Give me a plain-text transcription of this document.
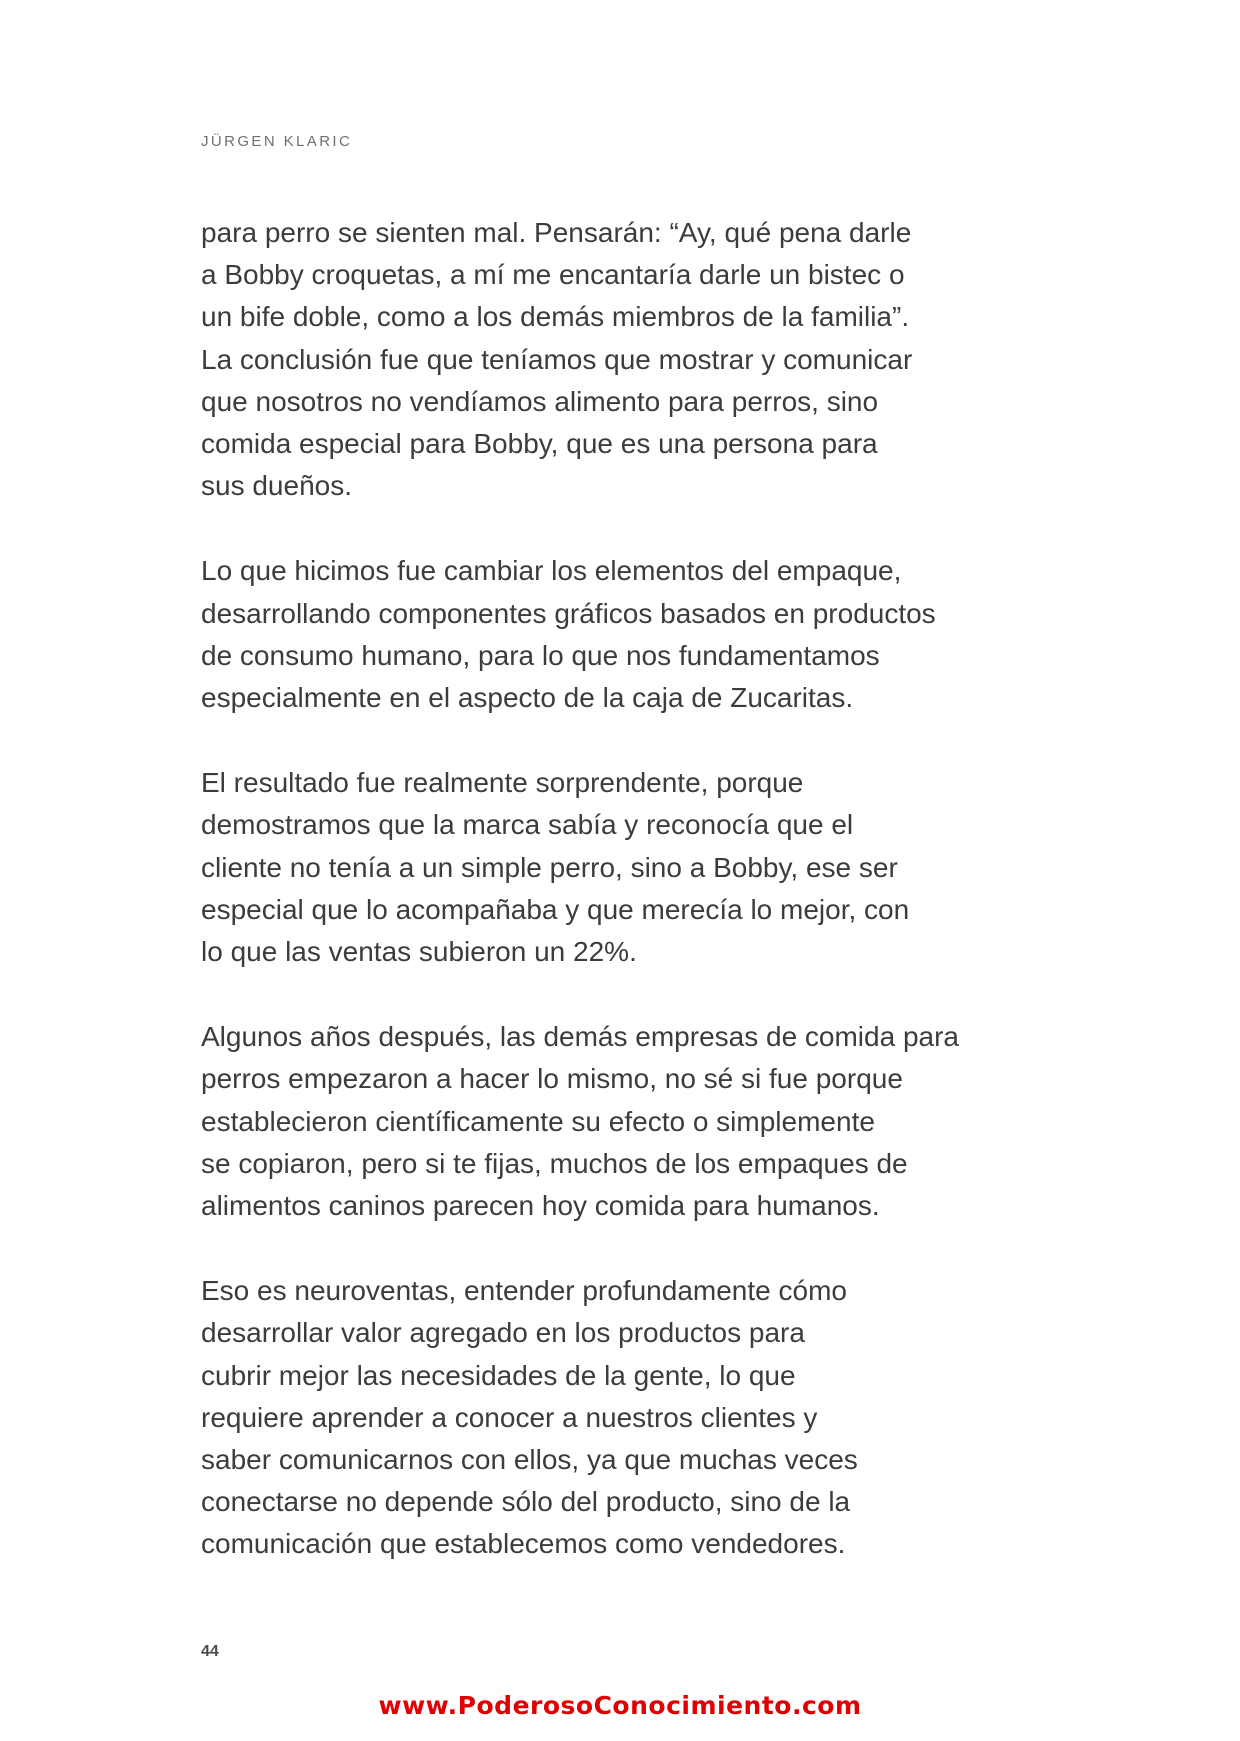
JÜRGEN KLARIC

para perro se sienten mal. Pensarán: “Ay, qué pena darle
a Bobby croquetas, a mí me encantaría darle un bistec o
un bife doble, como a los demás miembros de la familia”.
La conclusión fue que teníamos que mostrar y comunicar
que nosotros no vendíamos alimento para perros, sino
comida especial para Bobby, que es una persona para
sus dueños.

Lo que hicimos fue cambiar los elementos del empaque,
desarrollando componentes gráficos basados en productos
de consumo humano, para lo que nos fundamentamos
especialmente en el aspecto de la caja de Zucaritas.

El resultado fue realmente sorprendente, porque
demostramos que la marca sabía y reconocía que el
cliente no tenía a un simple perro, sino a Bobby, ese ser
especial que lo acompañaba y que merecía lo mejor, con
lo que las ventas subieron un 22%.

Algunos años después, las demás empresas de comida para
perros empezaron a hacer lo mismo, no sé si fue porque
establecieron científicamente su efecto o simplemente
se copiaron, pero si te fijas, muchos de los empaques de
alimentos caninos parecen hoy comida para humanos.

Eso es neuroventas, entender profundamente cómo
desarrollar valor agregado en los productos para
cubrir mejor las necesidades de la gente, lo que
requiere aprender a conocer a nuestros clientes y
saber comunicarnos con ellos, ya que muchas veces
conectarse no depende sólo del producto, sino de la
comunicación que establecemos como vendedores.

44
www.PoderosoConocimiento.com
